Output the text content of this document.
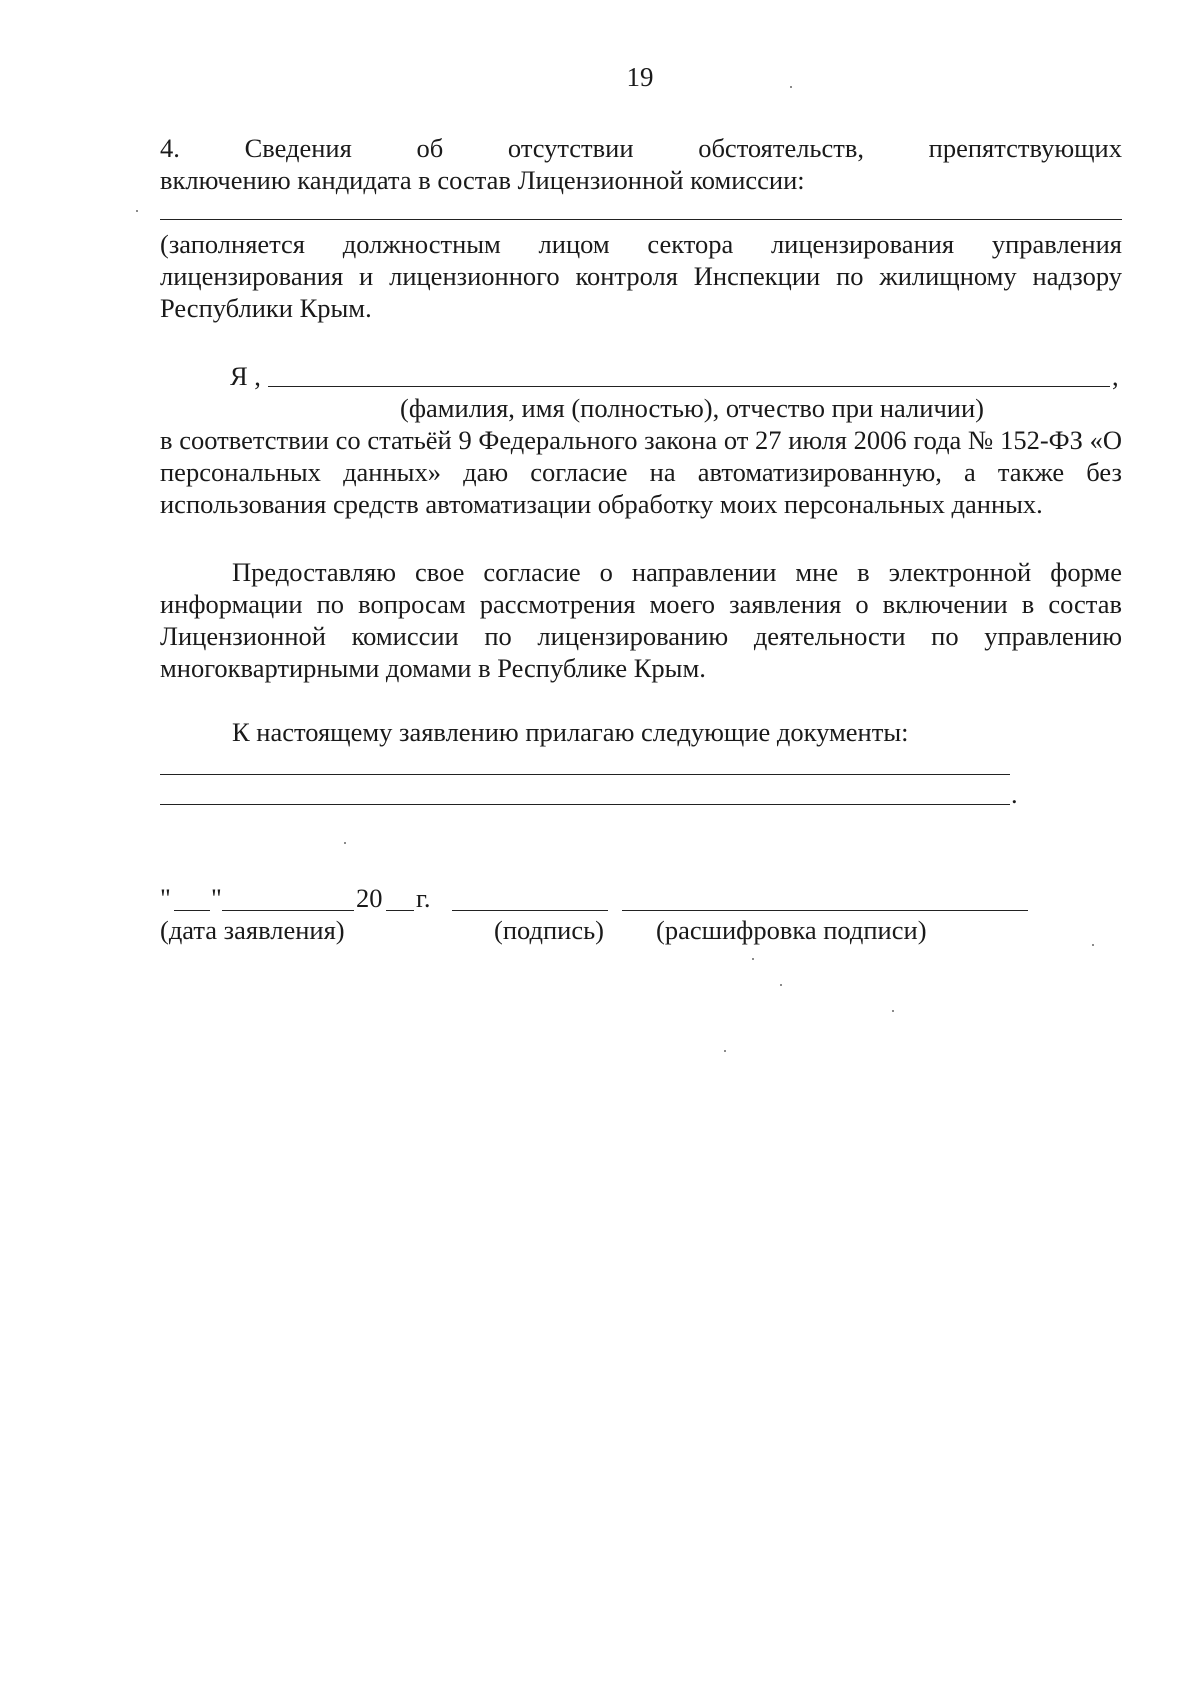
19
4. Сведения об отсутствии обстоятельств, препятствующих
включению кандидата в состав Лицензионной комиссии:
(заполняется должностным лицом сектора лицензирования управления лицензирования и лицензионного контроля Инспекции по жилищному надзору Республики Крым.
Я ,	,
(фамилия, имя (полностью), отчество при наличии)
в соответствии со статьёй 9 Федерального закона от 27 июля 2006 года № 152-ФЗ «О персональных данных» даю согласие на автоматизированную, а также без использования средств автоматизации обработку моих персональных данных.
Предоставляю свое согласие о направлении мне в электронной форме информации по вопросам рассмотрения моего заявления о включении в состав Лицензионной комиссии по лицензированию деятельности по управлению многоквартирными домами в Республике Крым.
К настоящему заявлению прилагаю следующие документы:
.
" "	20 г.
(дата заявления)	(подпись) (расшифровка подписи)
